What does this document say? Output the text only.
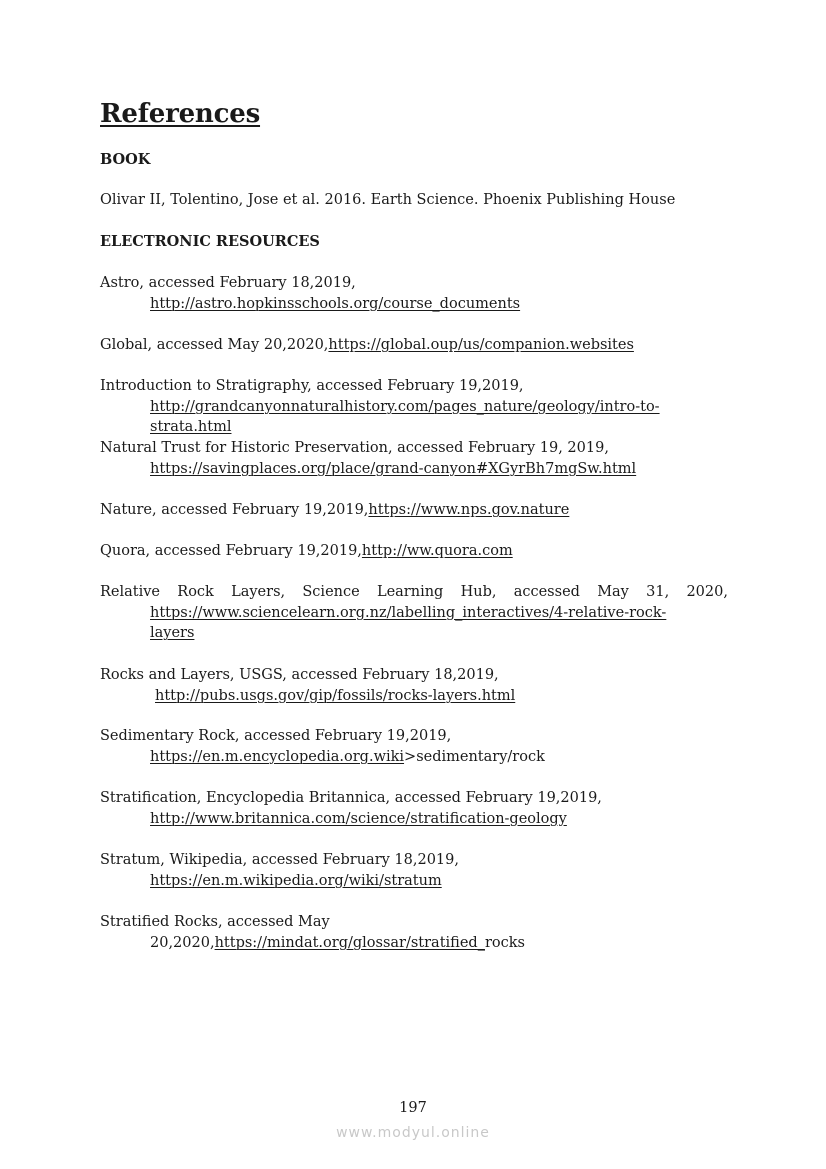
References
BOOK
Olivar II, Tolentino, Jose et al. 2016. Earth Science. Phoenix Publishing House
ELECTRONIC RESOURCES
Astro, accessed February 18,2019,
http://astro.hopkinsschools.org/course_documents
Global, accessed May 20,2020,https://global.oup/us/companion.websites
Introduction to Stratigraphy, accessed February 19,2019,
http://grandcanyonnaturalhistory.com/pages_nature/geology/intro-to-
strata.html
Natural Trust for Historic Preservation, accessed February 19, 2019,
https://savingplaces.org/place/grand-canyon#XGyrBh7mgSw.html
Nature, accessed February 19,2019,https://www.nps.gov.nature
Quora, accessed February 19,2019,http://ww.quora.com
Relative Rock Layers, Science Learning Hub, accessed May 31, 2020,
https://www.sciencelearn.org.nz/labelling_interactives/4-relative-rock-
layers
Rocks and Layers, USGS, accessed February 18,2019,
http://pubs.usgs.gov/gip/fossils/rocks-layers.html
Sedimentary Rock, accessed February 19,2019,
https://en.m.encyclopedia.org.wiki>sedimentary/rock
Stratification, Encyclopedia Britannica, accessed February 19,2019,
http://www.britannica.com/science/stratification-geology
Stratum, Wikipedia, accessed February 18,2019,
https://en.m.wikipedia.org/wiki/stratum
Stratified Rocks, accessed May
20,2020,https://mindat.org/glossar/stratified_rocks
197
www.modyul.online
